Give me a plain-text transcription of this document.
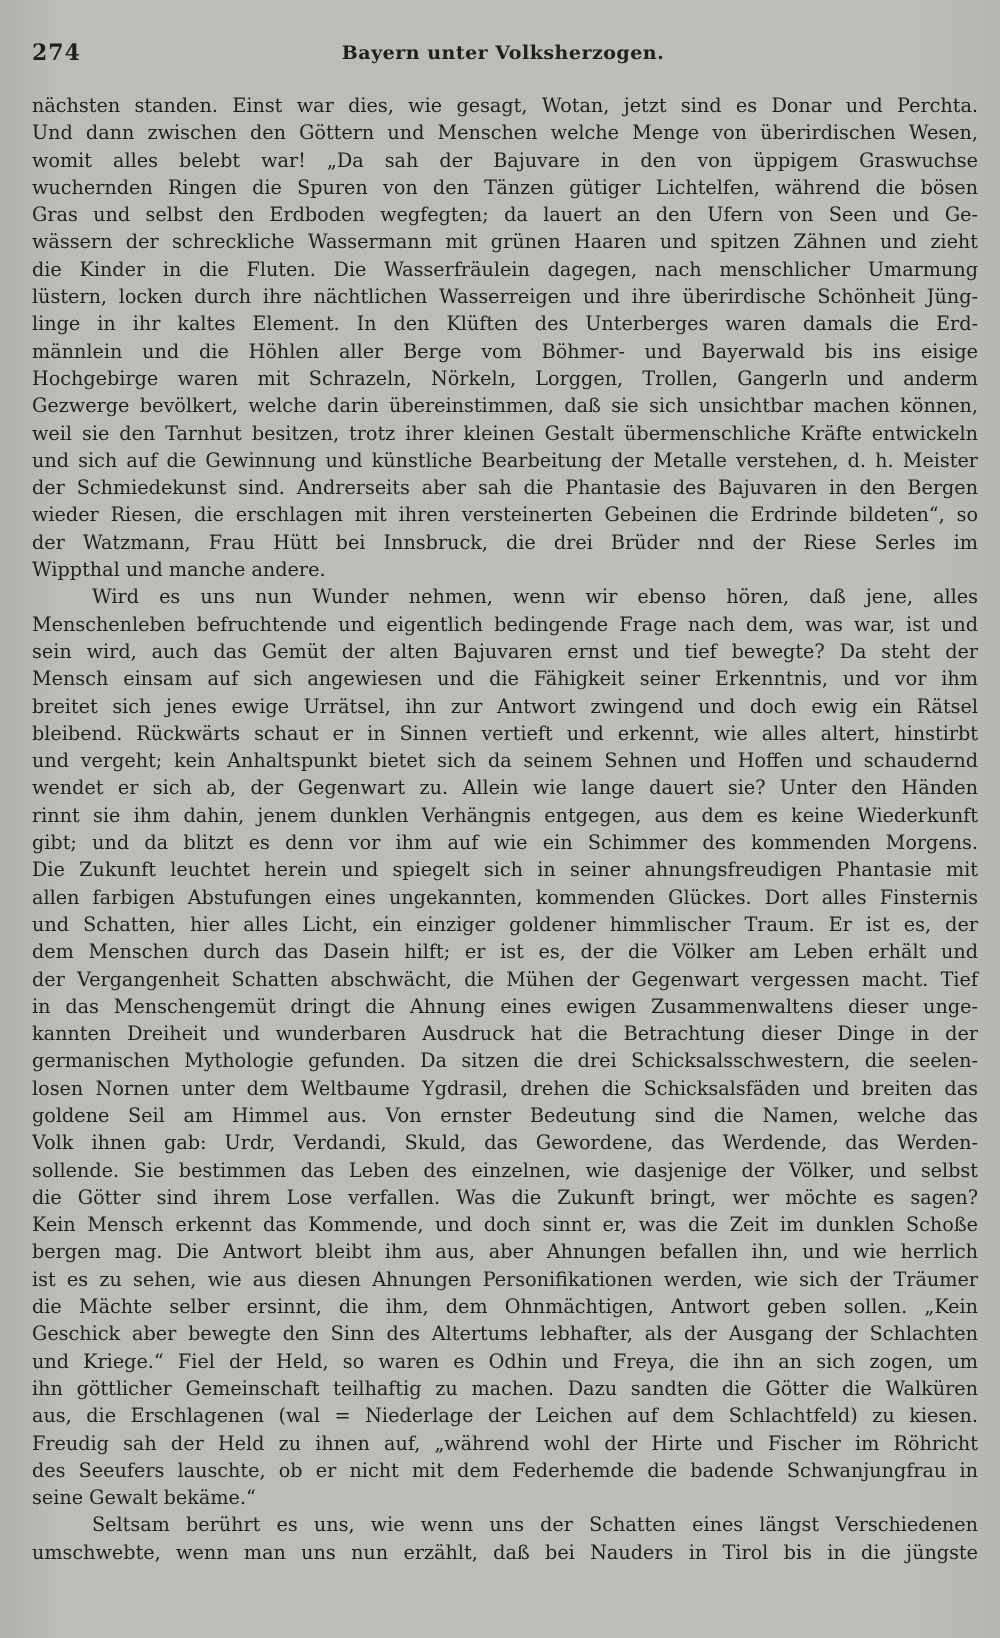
274	Bayern unter Volksherzogen.

nächsten standen. Einst war dies, wie gesagt, Wotan, jetzt sind es Donar und Perchta.

Und dann zwischen den Göttern und Menschen welche Menge von überirdischen Wesen,

womit alles belebt war! „Da sah der Bajuvare in den von üppigem Graswuchse

wuchernden Ringen die Spuren von den Tänzen gütiger Lichtelfen, während die bösen

Gras und selbst den Erdboden wegfegten; da lauert an den Ufern von Seen und Ge-

wässern der schreckliche Wassermann mit grünen Haaren und spitzen Zähnen und zieht

die Kinder in die Fluten. Die Wasserfräulein dagegen, nach menschlicher Umarmung

lüstern, locken durch ihre nächtlichen Wasserreigen und ihre überirdische Schönheit Jüng-

linge in ihr kaltes Element. In den Klüften des Unterberges waren damals die Erd-

männlein und die Höhlen aller Berge vom Böhmer- und Bayerwald bis ins eisige

Hochgebirge waren mit Schrazeln, Nörkeln, Lorggen, Trollen, Gangerln und anderm

Gezwerge bevölkert, welche darin übereinstimmen, daß sie sich unsichtbar machen können,

weil sie den Tarnhut besitzen, trotz ihrer kleinen Gestalt übermenschliche Kräfte entwickeln

und sich auf die Gewinnung und künstliche Bearbeitung der Metalle verstehen, d. h. Meister

der Schmiedekunst sind. Andrerseits aber sah die Phantasie des Bajuvaren in den Bergen

wieder Riesen, die erschlagen mit ihren versteinerten Gebeinen die Erdrinde bildeten“, so

der Watzmann, Frau Hütt bei Innsbruck, die drei Brüder nnd der Riese Serles im

Wippthal und manche andere.

Wird es uns nun Wunder nehmen, wenn wir ebenso hören, daß jene, alles

Menschenleben befruchtende und eigentlich bedingende Frage nach dem, was war, ist und

sein wird, auch das Gemüt der alten Bajuvaren ernst und tief bewegte? Da steht der

Mensch einsam auf sich angewiesen und die Fähigkeit seiner Erkenntnis, und vor ihm

breitet sich jenes ewige Urrätsel, ihn zur Antwort zwingend und doch ewig ein Rätsel

bleibend. Rückwärts schaut er in Sinnen vertieft und erkennt, wie alles altert, hinstirbt

und vergeht; kein Anhaltspunkt bietet sich da seinem Sehnen und Hoffen und schaudernd

wendet er sich ab, der Gegenwart zu. Allein wie lange dauert sie? Unter den Händen

rinnt sie ihm dahin, jenem dunklen Verhängnis entgegen, aus dem es keine Wiederkunft

gibt; und da blitzt es denn vor ihm auf wie ein Schimmer des kommenden Morgens.

Die Zukunft leuchtet herein und spiegelt sich in seiner ahnungsfreudigen Phantasie mit

allen farbigen Abstufungen eines ungekannten, kommenden Glückes. Dort alles Finsternis

und Schatten, hier alles Licht, ein einziger goldener himmlischer Traum. Er ist es, der

dem Menschen durch das Dasein hilft; er ist es, der die Völker am Leben erhält und

der Vergangenheit Schatten abschwächt, die Mühen der Gegenwart vergessen macht. Tief

in das Menschengemüt dringt die Ahnung eines ewigen Zusammenwaltens dieser unge-

kannten Dreiheit und wunderbaren Ausdruck hat die Betrachtung dieser Dinge in der

germanischen Mythologie gefunden. Da sitzen die drei Schicksalsschwestern, die seelen-

losen Nornen unter dem Weltbaume Ygdrasil, drehen die Schicksalsfäden und breiten das

goldene Seil am Himmel aus. Von ernster Bedeutung sind die Namen, welche das

Volk ihnen gab: Urdr, Verdandi, Skuld, das Gewordene, das Werdende, das Werden-

sollende. Sie bestimmen das Leben des einzelnen, wie dasjenige der Völker, und selbst

die Götter sind ihrem Lose verfallen. Was die Zukunft bringt, wer möchte es sagen?

Kein Mensch erkennt das Kommende, und doch sinnt er, was die Zeit im dunklen Schoße

bergen mag. Die Antwort bleibt ihm aus, aber Ahnungen befallen ihn, und wie herrlich

ist es zu sehen, wie aus diesen Ahnungen Personifikationen werden, wie sich der Träumer

die Mächte selber ersinnt, die ihm, dem Ohnmächtigen, Antwort geben sollen. „Kein

Geschick aber bewegte den Sinn des Altertums lebhafter, als der Ausgang der Schlachten

und Kriege.“ Fiel der Held, so waren es Odhin und Freya, die ihn an sich zogen, um

ihn göttlicher Gemeinschaft teilhaftig zu machen. Dazu sandten die Götter die Walküren

aus, die Erschlagenen (wal = Niederlage der Leichen auf dem Schlachtfeld) zu kiesen.

Freudig sah der Held zu ihnen auf, „während wohl der Hirte und Fischer im Röhricht

des Seeufers lauschte, ob er nicht mit dem Federhemde die badende Schwanjungfrau in

seine Gewalt bekäme.“

Seltsam berührt es uns, wie wenn uns der Schatten eines längst Verschiedenen

umschwebte, wenn man uns nun erzählt, daß bei Nauders in Tirol bis in die jüngste
